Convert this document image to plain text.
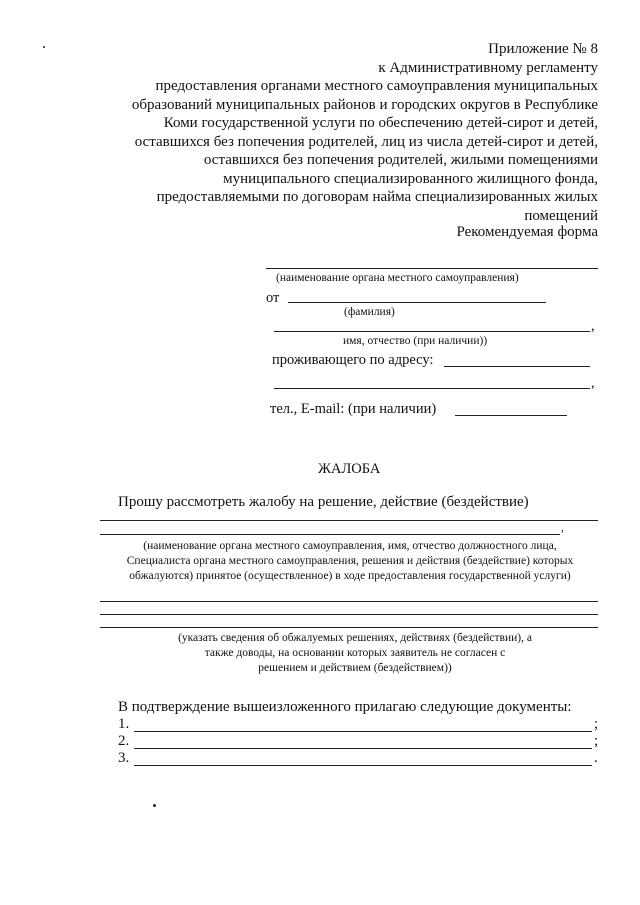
Приложение № 8
к Административному регламенту
предоставления органами местного самоуправления муниципальных
образований муниципальных районов и городских округов в Республике
Коми государственной услуги по обеспечению детей-сирот и детей,
оставшихся без попечения родителей, лиц из числа детей-сирот и детей,
оставшихся без попечения родителей, жилыми помещениями
муниципального специализированного жилищного фонда,
предоставляемыми по договорам найма специализированных жилых
помещений
Рекомендуемая форма
(наименование органа местного самоуправления)
от
(фамилия)
,
имя, отчество (при наличии))
проживающего по адресу:
,
тел., E-mail: (при наличии)
ЖАЛОБА
Прошу рассмотреть жалобу на решение, действие (бездействие)
,
(наименование органа местного самоуправления, имя, отчество должностного лица,
Специалиста органа местного самоуправления, решения и действия (бездействие) которых
обжалуются) принятое (осуществленное) в ходе предоставления государственной услуги)
(указать сведения об обжалуемых решениях, действиях (бездействии), а
также доводы, на основании которых заявитель не согласен с
решением и действием (бездействием))
В подтверждение вышеизложенного прилагаю следующие документы:
1.	;
2.	;
3.	.
